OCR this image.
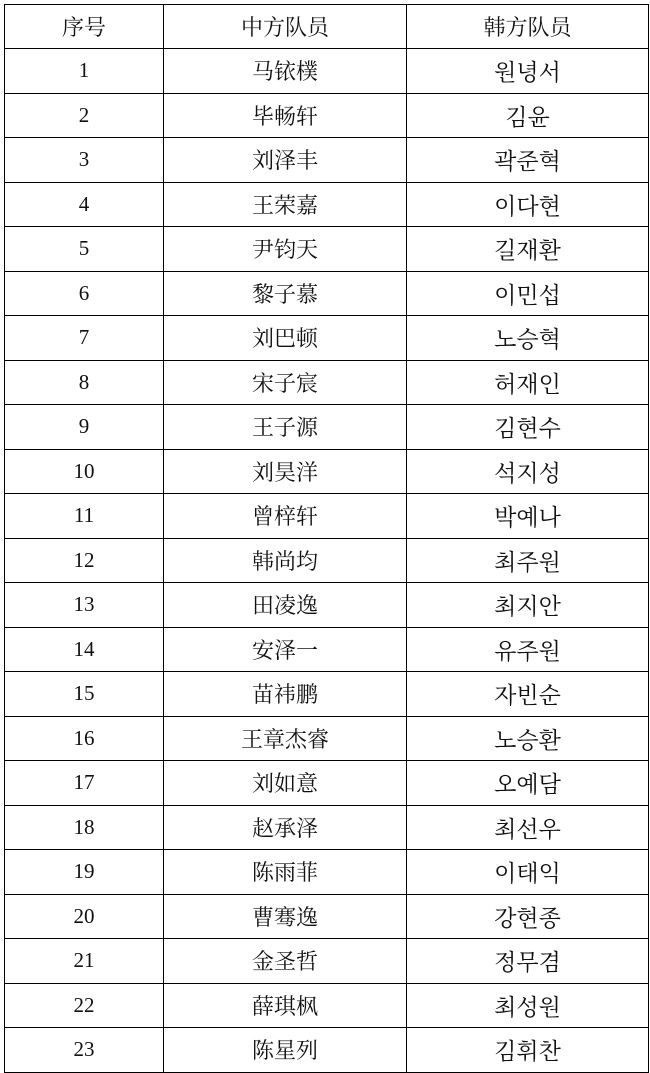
序号	中方队员	韩方队员
1	马铱樸	원녕서
2	毕畅轩	김윤
3	刘泽丰	곽준혁
4	王荣嘉	이다현
5	尹钧天	길재환
6	黎子慕	이민섭
7	刘巴顿	노승혁
8	宋子宸	허재인
9	王子源	김현수
10	刘昊洋	석지성
11	曾梓轩	박예나
12	韩尚均	최주원
13	田凌逸	최지안
14	安泽一	유주원
15	苗祎鹏	자빈순
16	王章杰睿	노승환
17	刘如意	오예담
18	赵承泽	최선우
19	陈雨菲	이태익
20	曹骞逸	강현종
21	金圣哲	정무겸
22	薛琪枫	최성원
23	陈星列	김휘찬
